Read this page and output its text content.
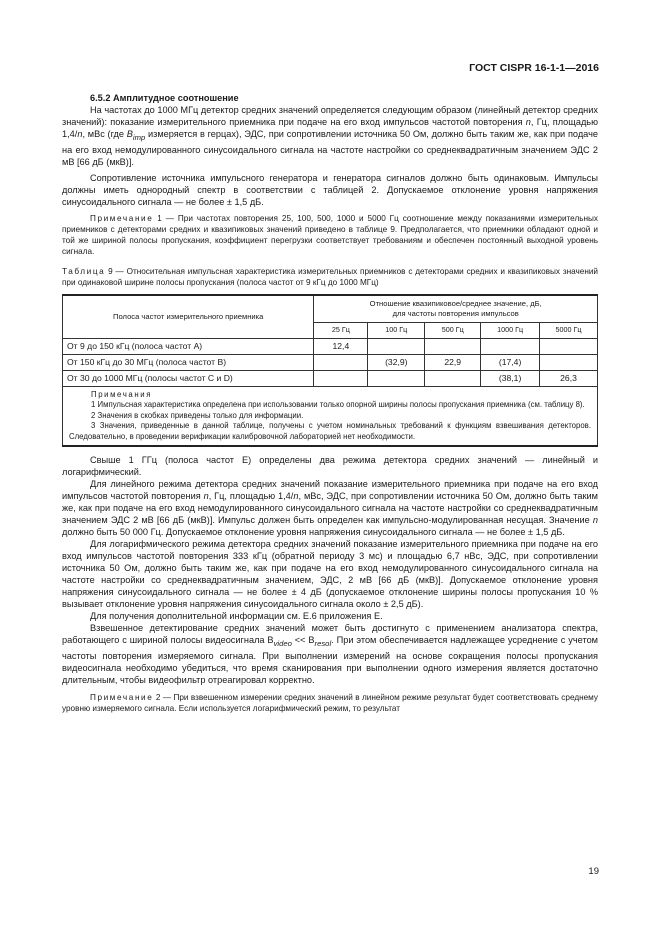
ГОСТ CISPR 16-1-1—2016

6.5.2 Амплитудное соотношение

На частотах до 1000 МГц детектор средних значений определяется следующим образом (линейный детектор средних значений): показание измерительного приемника при подаче на его вход импульсов частотой повторения n, Гц, площадью 1,4/n, мВс (где $B_{imp}$ измеряется в герцах), ЭДС, при сопротивлении источника 50 Ом, должно быть таким же, как при подаче на его вход немодулированного синусоидального сигнала на частоте настройки со среднеквадратичным значением ЭДС 2 мВ [66 дБ (мкВ)].

Сопротивление источника импульсного генератора и генератора сигналов должно быть одинаковым. Импульсы должны иметь однородный спектр в соответствии с таблицей 2. Допускаемое отклонение уровня напряжения синусоидального сигнала — не более ± 1,5 дБ.

Примечание 1 — При частотах повторения 25, 100, 500, 1000 и 5000 Гц соотношение между показаниями измерительных приемников с детекторами средних и квазипиковых значений приведено в таблице 9. Предполагается, что приемники обладают одной и той же шириной полосы пропускания, коэффициент перегрузки соответствует требованиям и обеспечен постоянный выходной уровень сигнала.

Таблица 9 — Относительная импульсная характеристика измерительных приемников с детекторами средних и квазипиковых значений при одинаковой ширине полосы пропускания (полоса частот от 9 кГц до 1000 МГц)

Полоса частот измерительного приемника	Отношение квазипиковое/среднее значение, дБ,
для частоты повторения импульсов				

	25 Гц	100 Гц	500 Гц	1000 Гц	5000 Гц
От 9 до 150 кГц (полоса частот А)	12,4				
От 150 кГц до 30 МГц (полоса частот В)		(32,9)	22,9	(17,4)	
От 30 до 1000 МГц (полосы частот С и D)				(38,1)	26,3

Примечания
1 Импульсная характеристика определена при использовании только опорной ширины полосы пропускания приемника (см. таблицу 8).
2 Значения в скобках приведены только для информации.
3 Значения, приведенные в данной таблице, получены с учетом номинальных требований к функциям взвешивания детекторов. Следовательно, в проведении верификации калибровочной лабораторией нет необходимости.					

Свыше 1 ГГц (полоса частот Е) определены два режима детектора средних значений — линейный и логарифмический.

Для линейного режима детектора средних значений показание измерительного приемника при подаче на его вход импульсов частотой повторения n, Гц, площадью 1,4/n, мВс, ЭДС, при сопротивлении источника 50 Ом, должно быть таким же, как при подаче на его вход немодулированного синусоидального сигнала на частоте настройки со среднеквадратичным значением ЭДС 2 мВ [66 дБ (мкВ)]. Импульс должен быть определен как импульсно-модулированная несущая. Значение n должно быть 50 000 Гц. Допускаемое отклонение уровня напряжения синусоидального сигнала — не более ± 1,5 дБ.

Для логарифмического режима детектора средних значений показание измерительного приемника при подаче на его вход импульсов частотой повторения 333 кГц (обратной периоду 3 мс) и площадью 6,7 нВс, ЭДС, при сопротивлении источника 50 Ом, должно быть таким же, как при подаче на его вход немодулированного синусоидального сигнала на частоте настройки со среднеквадратичным значением, ЭДС, 2 мВ [66 дБ (мкВ)]. Допускаемое отклонение уровня напряжения синусоидального сигнала — не более ± 4 дБ (допускаемое отклонение ширины полосы пропускания 10 % вызывает отклонение уровня напряжения синусоидального сигнала около ± 2,5 дБ).

Для получения дополнительной информации см. Е.6 приложения Е.

Взвешенное детектирование средних значений может быть достигнуто с применением анализатора спектра, работающего с шириной полосы видеосигнала $B_{video} << B_{resol}$. При этом обеспечивается надлежащее усреднение с учетом частоты повторения измеряемого сигнала. При выполнении измерений на основе сокращения полосы пропускания видеосигнала необходимо убедиться, что время сканирования при выполнении одного измерения является достаточно длительным, чтобы видеофильтр отреагировал корректно.

Примечание 2 — При взвешенном измерении средних значений в линейном режиме результат будет соответствовать среднему уровню измеряемого сигнала. Если используется логарифмический режим, то результат

19
